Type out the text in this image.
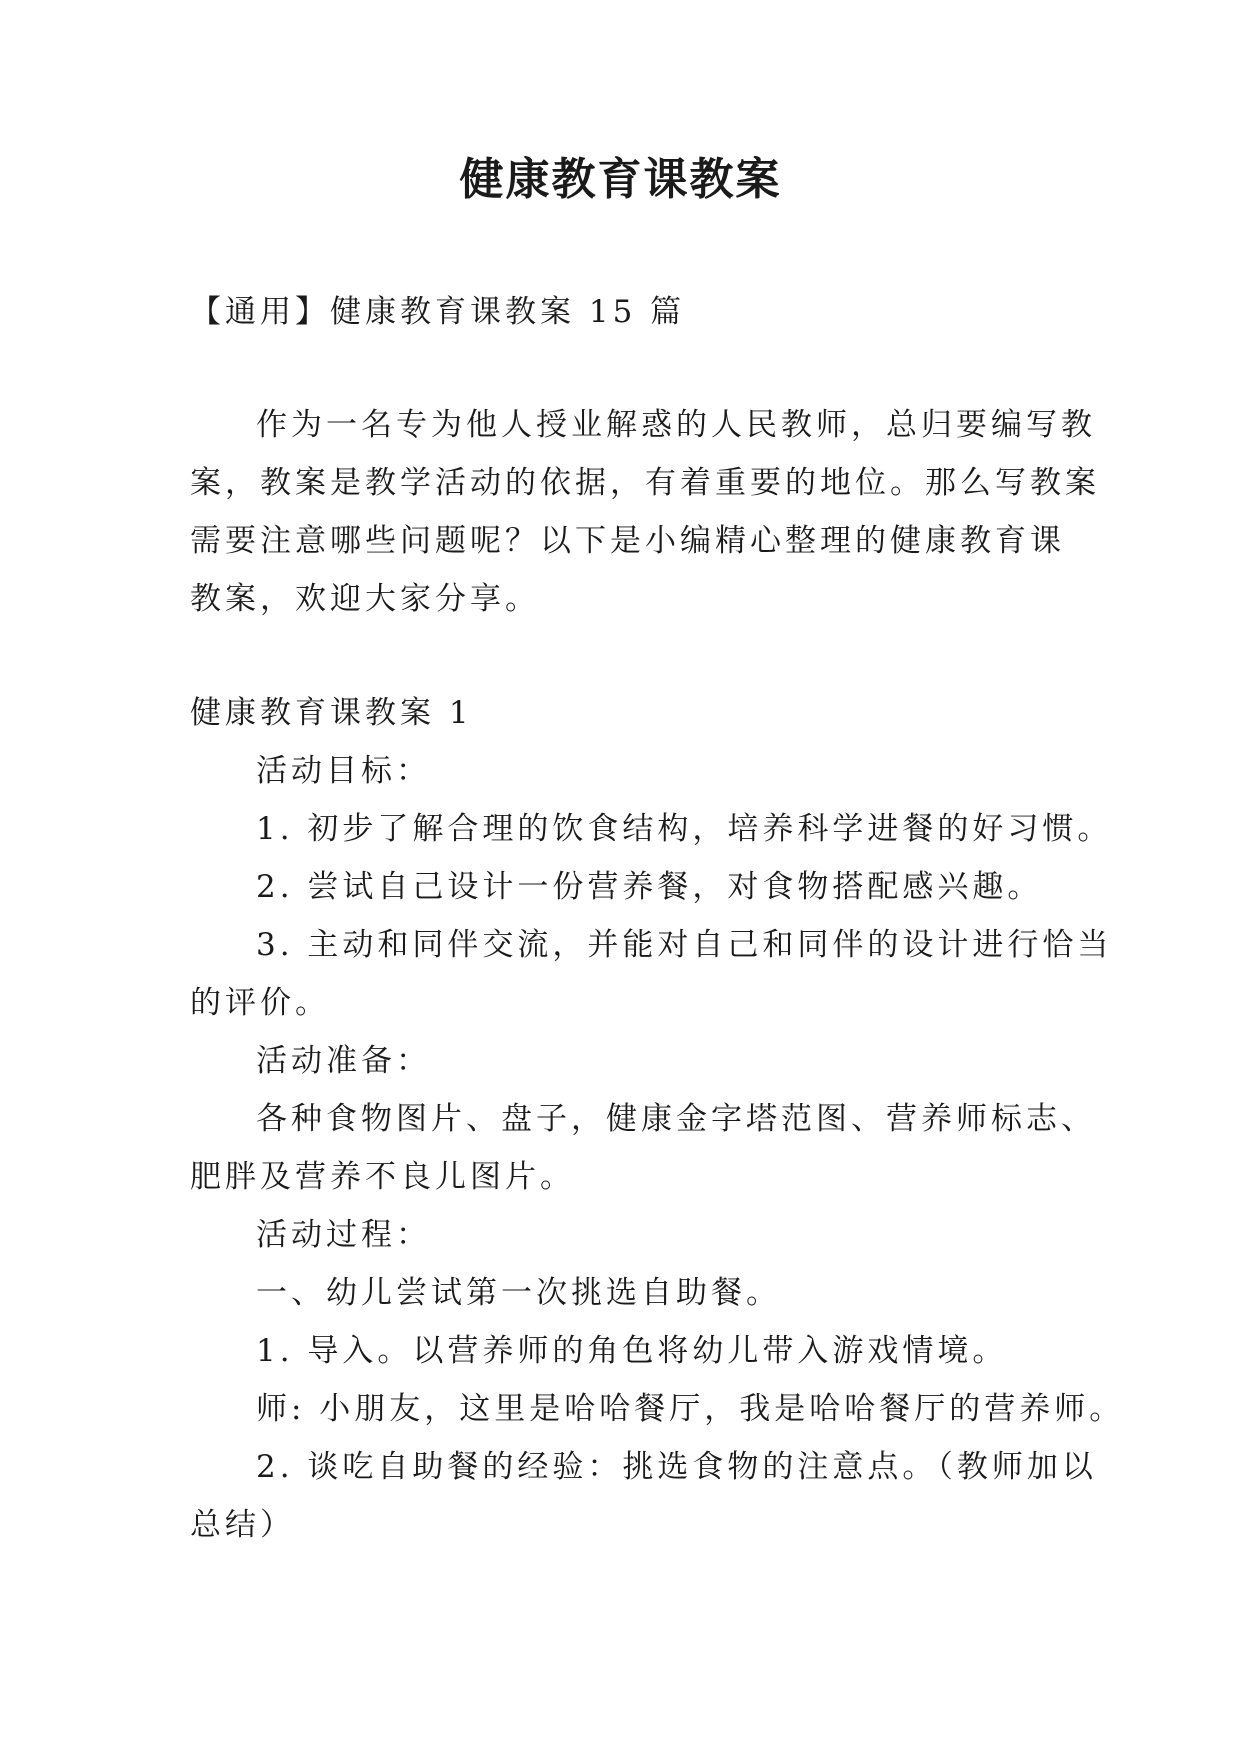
健康教育课教案
【通用】健康教育课教案 15 篇
作为一名专为他人授业解惑的人民教师，总归要编写教
案，教案是教学活动的依据，有着重要的地位。那么写教案
需要注意哪些问题呢？以下是小编精心整理的健康教育课
教案，欢迎大家分享。
健康教育课教案 1
活动目标：
1. 初步了解合理的饮食结构，培养科学进餐的好习惯。
2. 尝试自己设计一份营养餐，对食物搭配感兴趣。
3. 主动和同伴交流，并能对自己和同伴的设计进行恰当
的评价。
活动准备：
各种食物图片、盘子，健康金字塔范图、营养师标志、
肥胖及营养不良儿图片。
活动过程：
一、幼儿尝试第一次挑选自助餐。
1. 导入。以营养师的角色将幼儿带入游戏情境。
师: 小朋友，这里是哈哈餐厅，我是哈哈餐厅的营养师。
2. 谈吃自助餐的经验：挑选食物的注意点。（教师加以
总结）
